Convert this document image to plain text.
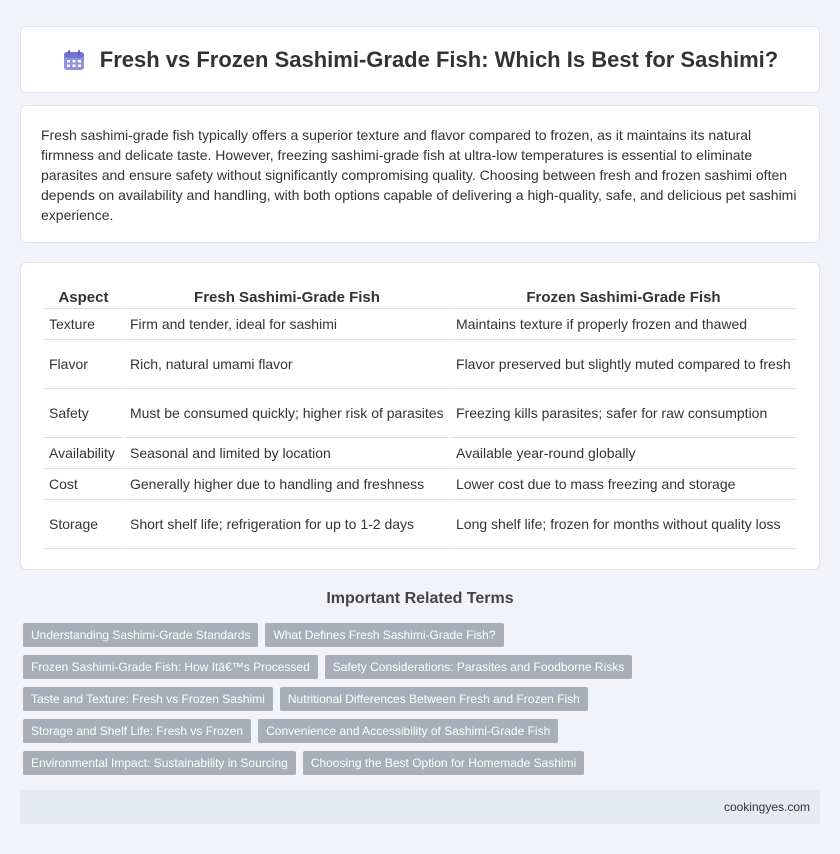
Fresh vs Frozen Sashimi-Grade Fish: Which Is Best for Sashimi?

Fresh sashimi-grade fish typically offers a superior texture and flavor compared to frozen, as it maintains its natural firmness and delicate taste. However, freezing sashimi-grade fish at ultra-low temperatures is essential to eliminate parasites and ensure safety without significantly compromising quality. Choosing between fresh and frozen sashimi often depends on availability and handling, with both options capable of delivering a high-quality, safe, and delicious pet sashimi experience.

Aspect	Fresh Sashimi-Grade Fish	Frozen Sashimi-Grade Fish
Texture	Firm and tender, ideal for sashimi	Maintains texture if properly frozen and thawed
Flavor	Rich, natural umami flavor	Flavor preserved but slightly muted compared to fresh
Safety	Must be consumed quickly; higher risk of parasites	Freezing kills parasites; safer for raw consumption
Availability	Seasonal and limited by location	Available year-round globally
Cost	Generally higher due to handling and freshness	Lower cost due to mass freezing and storage
Storage	Short shelf life; refrigeration for up to 1-2 days	Long shelf life; frozen for months without quality loss
Important Related Terms
Understanding Sashimi-Grade Standards	What Defines Fresh Sashimi-Grade Fish?
Frozen Sashimi-Grade Fish: How Itâ€™s Processed	Safety Considerations: Parasites and Foodborne Risks
Taste and Texture: Fresh vs Frozen Sashimi	Nutritional Differences Between Fresh and Frozen Fish
Storage and Shelf Life: Fresh vs Frozen	Convenience and Accessibility of Sashimi-Grade Fish
Environmental Impact: Sustainability in Sourcing	Choosing the Best Option for Homemade Sashimi
cookingyes.com
